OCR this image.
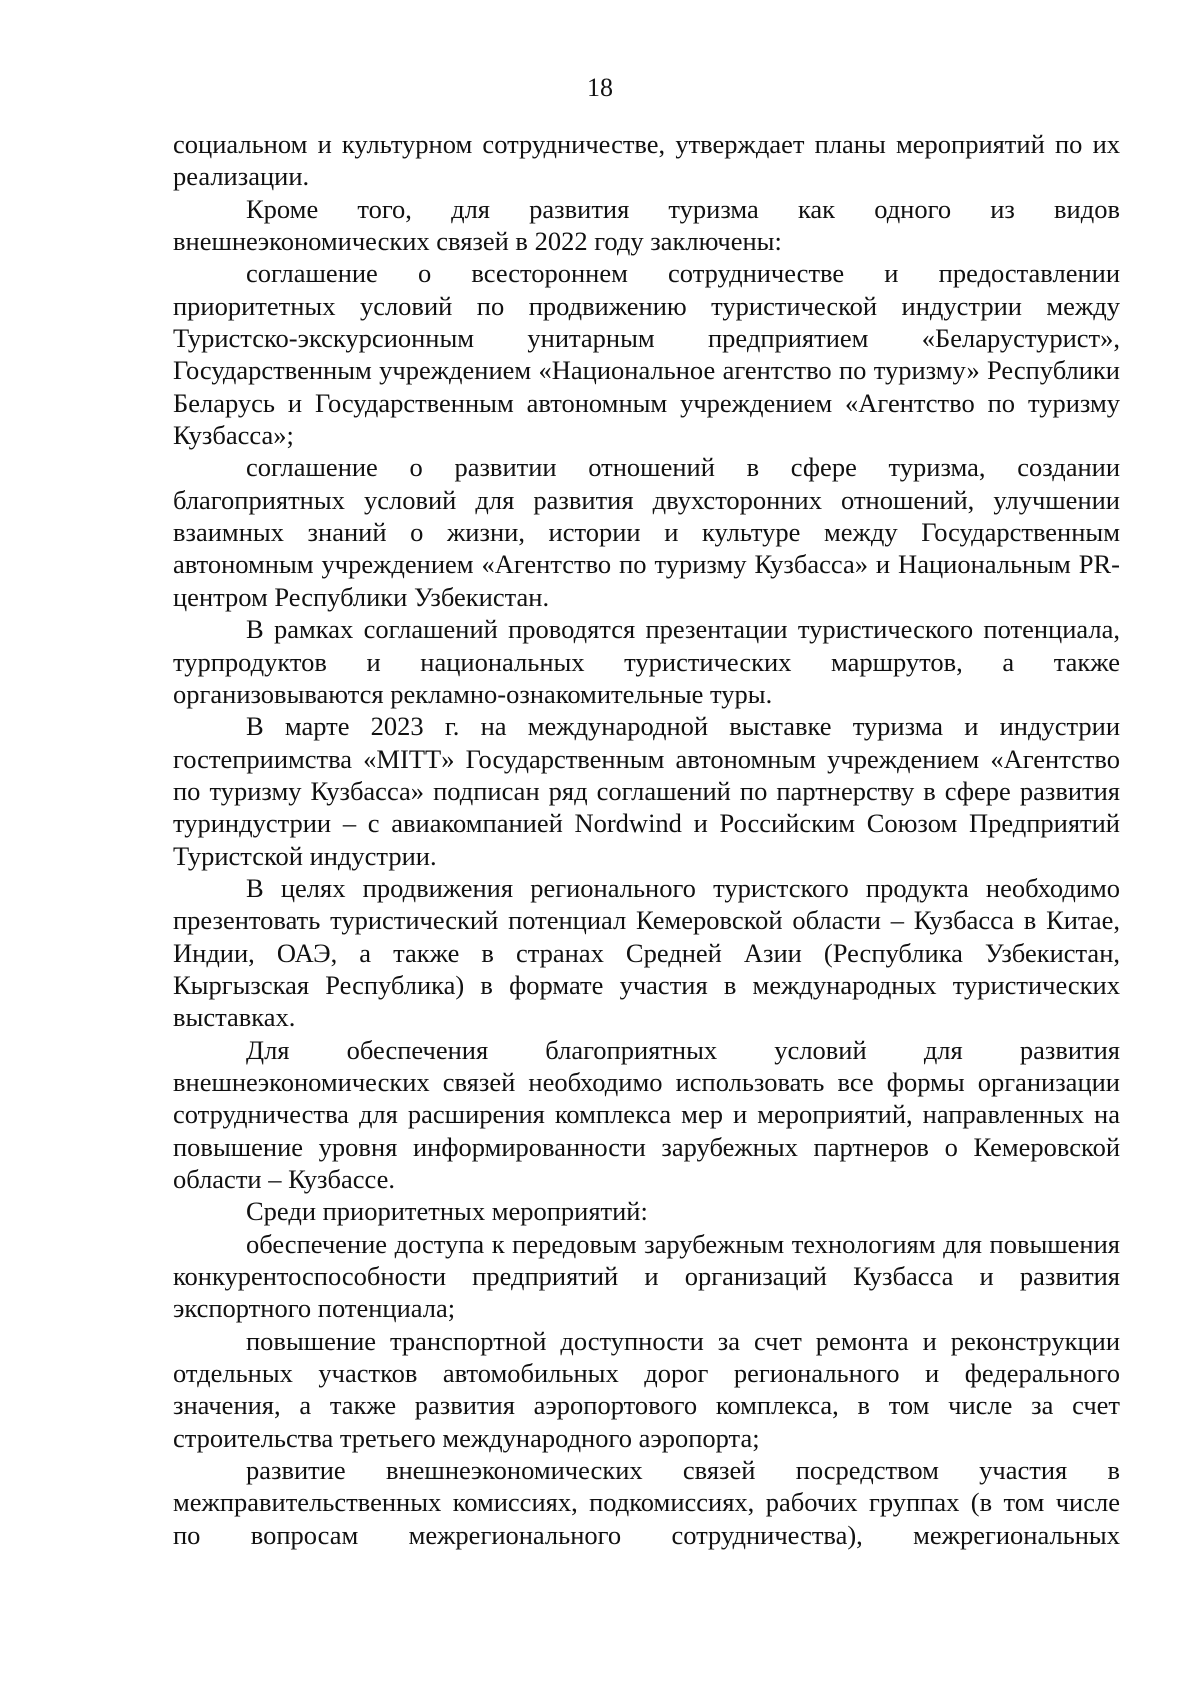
18

социальном и культурном сотрудничестве, утверждает планы мероприятий по их реализации.

Кроме того, для развития туризма как одного из видов внешнеэкономических связей в 2022 году заключены:

соглашение о всестороннем сотрудничестве и предоставлении приоритетных условий по продвижению туристической индустрии между Туристско-экскурсионным унитарным предприятием «Беларустурист», Государственным учреждением «Национальное агентство по туризму» Республики Беларусь и Государственным автономным учреждением «Агентство по туризму Кузбасса»;

соглашение о развитии отношений в сфере туризма, создании благоприятных условий для развития двухсторонних отношений, улучшении взаимных знаний о жизни, истории и культуре между Государственным автономным учреждением «Агентство по туризму Кузбасса» и Национальным PR-центром Республики Узбекистан.

В рамках соглашений проводятся презентации туристического потенциала, турпродуктов и национальных туристических маршрутов, а также организовываются рекламно-ознакомительные туры.

В марте 2023 г. на международной выставке туризма и индустрии гостеприимства «MITT» Государственным автономным учреждением «Агентство по туризму Кузбасса» подписан ряд соглашений по партнерству в сфере развития туриндустрии – с авиакомпанией Nordwind и Российским Союзом Предприятий Туристской индустрии.

В целях продвижения регионального туристского продукта необходимо презентовать туристический потенциал Кемеровской области – Кузбасса в Китае, Индии, ОАЭ, а также в странах Средней Азии (Республика Узбекистан, Кыргызская Республика) в формате участия в международных туристических выставках.

Для обеспечения благоприятных условий для развития внешнеэкономических связей необходимо использовать все формы организации сотрудничества для расширения комплекса мер и мероприятий, направленных на повышение уровня информированности зарубежных партнеров о Кемеровской области – Кузбассе.

Среди приоритетных мероприятий:

обеспечение доступа к передовым зарубежным технологиям для повышения конкурентоспособности предприятий и организаций Кузбасса и развития экспортного потенциала;

повышение транспортной доступности за счет ремонта и реконструкции отдельных участков автомобильных дорог регионального и федерального значения, а также развития аэропортового комплекса, в том числе за счет строительства третьего международного аэропорта;

развитие внешнеэкономических связей посредством участия в межправительственных комиссиях, подкомиссиях, рабочих группах (в том числе по вопросам межрегионального сотрудничества), межрегиональных
